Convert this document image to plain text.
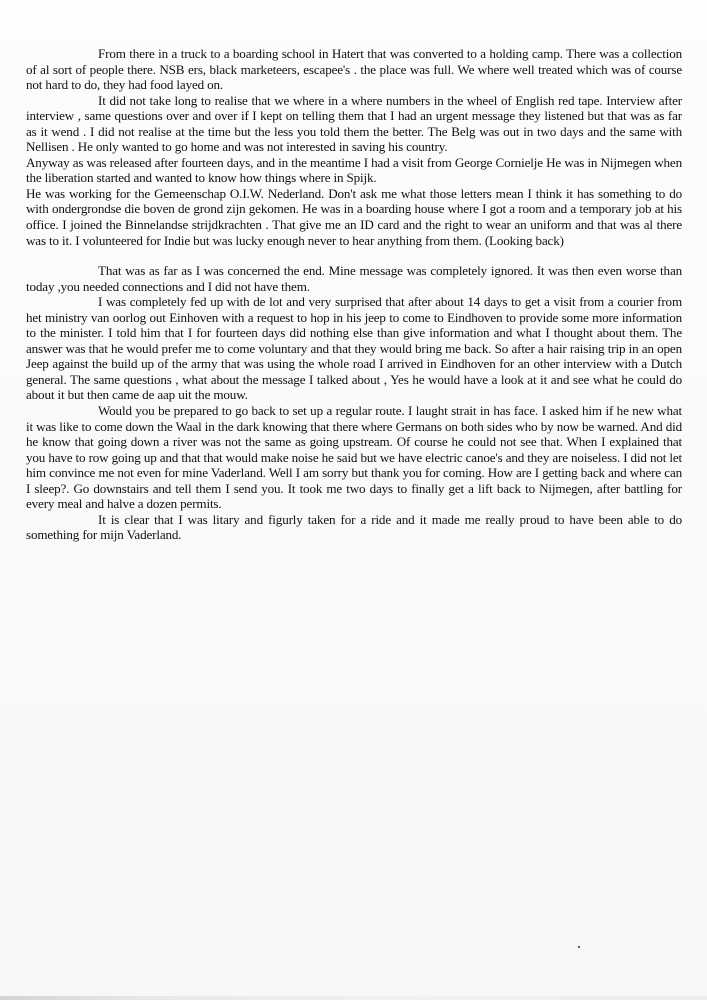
From there in a truck to a boarding school in Hatert that was converted to a holding camp. There was a collection of al sort of people there. NSB ers, black marketeers, escapee's . the place was full. We where well treated which was of course not hard to do, they had food layed on.

It did not take long to realise that we where in a where numbers in the wheel of English red tape. Interview after interview , same questions over and over if I kept on telling them that I had an urgent message they listened but that was as far as it wend . I did not realise at the time but the less you told them the better. The Belg was out in two days and the same with Nellisen . He only wanted to go home and was not interested in saving his country.
Anyway as was released after fourteen days, and in the meantime I had a visit from George Cornielje He was in Nijmegen when the liberation started and wanted to know how things where in Spijk.
He was working for the Gemeenschap O.I.W. Nederland. Don't ask me what those letters mean I think it has something to do with ondergrondse die boven de grond zijn gekomen. He was in a boarding house where I got a room and a temporary job at his office. I joined the Binnelandse strijdkrachten . That give me an ID card and the right to wear an uniform and that was al there was to it. I volunteered for Indie but was lucky enough never to hear anything from them. (Looking back)

That was as far as I was concerned the end. Mine message was completely ignored. It was then even worse than today ,you needed connections and I did not have them.

I was completely fed up with de lot and very surprised that after about 14 days to get a visit from a courier from het ministry van oorlog out Einhoven with a request to hop in his jeep to come to Eindhoven to provide some more information to the minister. I told him that I for fourteen days did nothing else than give information and what I thought about them. The answer was that he would prefer me to come voluntary and that they would bring me back. So after a hair raising trip in an open Jeep against the build up of the army that was using the whole road I arrived in Eindhoven for an other interview with a Dutch general. The same questions , what about the message I talked about , Yes he would have a look at it and see what he could do about it but then came de aap uit the mouw.

Would you be prepared to go back to set up a regular route. I laught strait in has face. I asked him if he new what it was like to come down the Waal in the dark knowing that there where Germans on both sides who by now be warned. And did he know that going down a river was not the same as going upstream. Of course he could not see that. When I explained that you have to row going up and that that would make noise he said but we have electric canoe's and they are noiseless. I did not let him convince me not even for mine Vaderland. Well I am sorry but thank you for coming. How are I getting back and where can I sleep?. Go downstairs and tell them I send you. It took me two days to finally get a lift back to Nijmegen, after battling for every meal and halve a dozen permits.

It is clear that I was litary and figurly taken for a ride and it made me really proud to have been able to do something for mijn Vaderland.
